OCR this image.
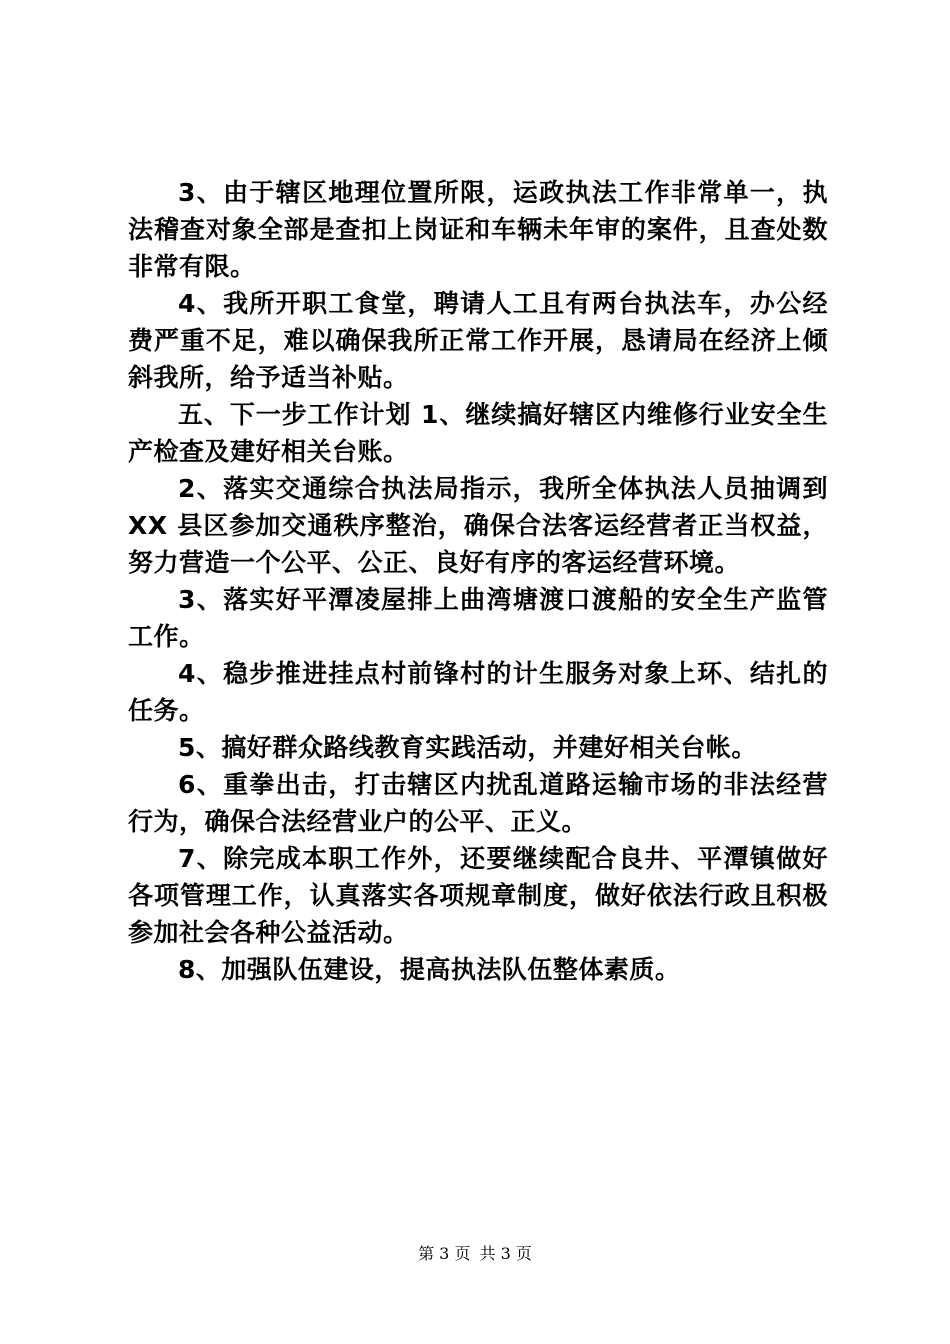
3、由于辖区地理位置所限，运政执法工作非常单一，执法稽查对象全部是查扣上岗证和车辆未年审的案件，且查处数非常有限。

4、我所开职工食堂，聘请人工且有两台执法车，办公经费严重不足，难以确保我所正常工作开展，恳请局在经济上倾斜我所，给予适当补贴。

五、下一步工作计划 1、继续搞好辖区内维修行业安全生产检查及建好相关台账。

2、落实交通综合执法局指示，我所全体执法人员抽调到 XX 县区参加交通秩序整治，确保合法客运经营者正当权益，努力营造一个公平、公正、良好有序的客运经营环境。

3、落实好平潭凌屋排上曲湾塘渡口渡船的安全生产监管工作。

4、稳步推进挂点村前锋村的计生服务对象上环、结扎的任务。

5、搞好群众路线教育实践活动，并建好相关台帐。

6、重拳出击，打击辖区内扰乱道路运输市场的非法经营行为，确保合法经营业户的公平、正义。

7、除完成本职工作外，还要继续配合良井、平潭镇做好各项管理工作，认真落实各项规章制度，做好依法行政且积极参加社会各种公益活动。

8、加强队伍建设，提高执法队伍整体素质。

第 3 页 共 3 页
